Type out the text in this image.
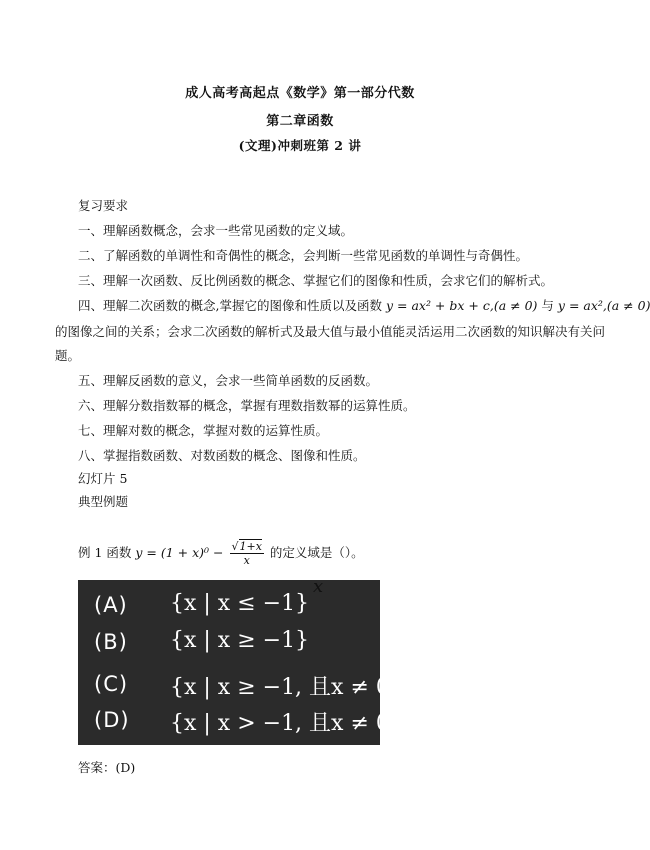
成人高考高起点《数学》第一部分代数
第二章函数
(文理)冲刺班第 2 讲
复习要求
一、理解函数概念，会求一些常见函数的定义域。
二、了解函数的单调性和奇偶性的概念，会判断一些常见函数的单调性与奇偶性。
三、理解一次函数、反比例函数的概念、掌握它们的图像和性质，会求它们的解析式。
四、理解二次函数的概念,掌握它的图像和性质以及函数 y = ax² + bx + c,(a ≠ 0) 与 y = ax²,(a ≠ 0)
的图像之间的关系；会求二次函数的解析式及最大值与最小值能灵活运用二次函数的知识解决有关问
题。
五、理解反函数的意义，会求一些简单函数的反函数。
六、理解分数指数幂的概念，掌握有理数指数幂的运算性质。
七、理解对数的概念，掌握对数的运算性质。
八、掌握指数函数、对数函数的概念、图像和性质。
幻灯片 5
典型例题
例 1 函数 $y = (1 + x)^0 - \frac{√1+x}{x}$ 的定义域是（）。
(A) {x | x ≤ −1}
(B) {x | x ≥ −1}
(C) {x | x ≥ −1, 且x ≠ 0}
(D) {x | x > −1, 且x ≠ 0}
x
答案：(D)
